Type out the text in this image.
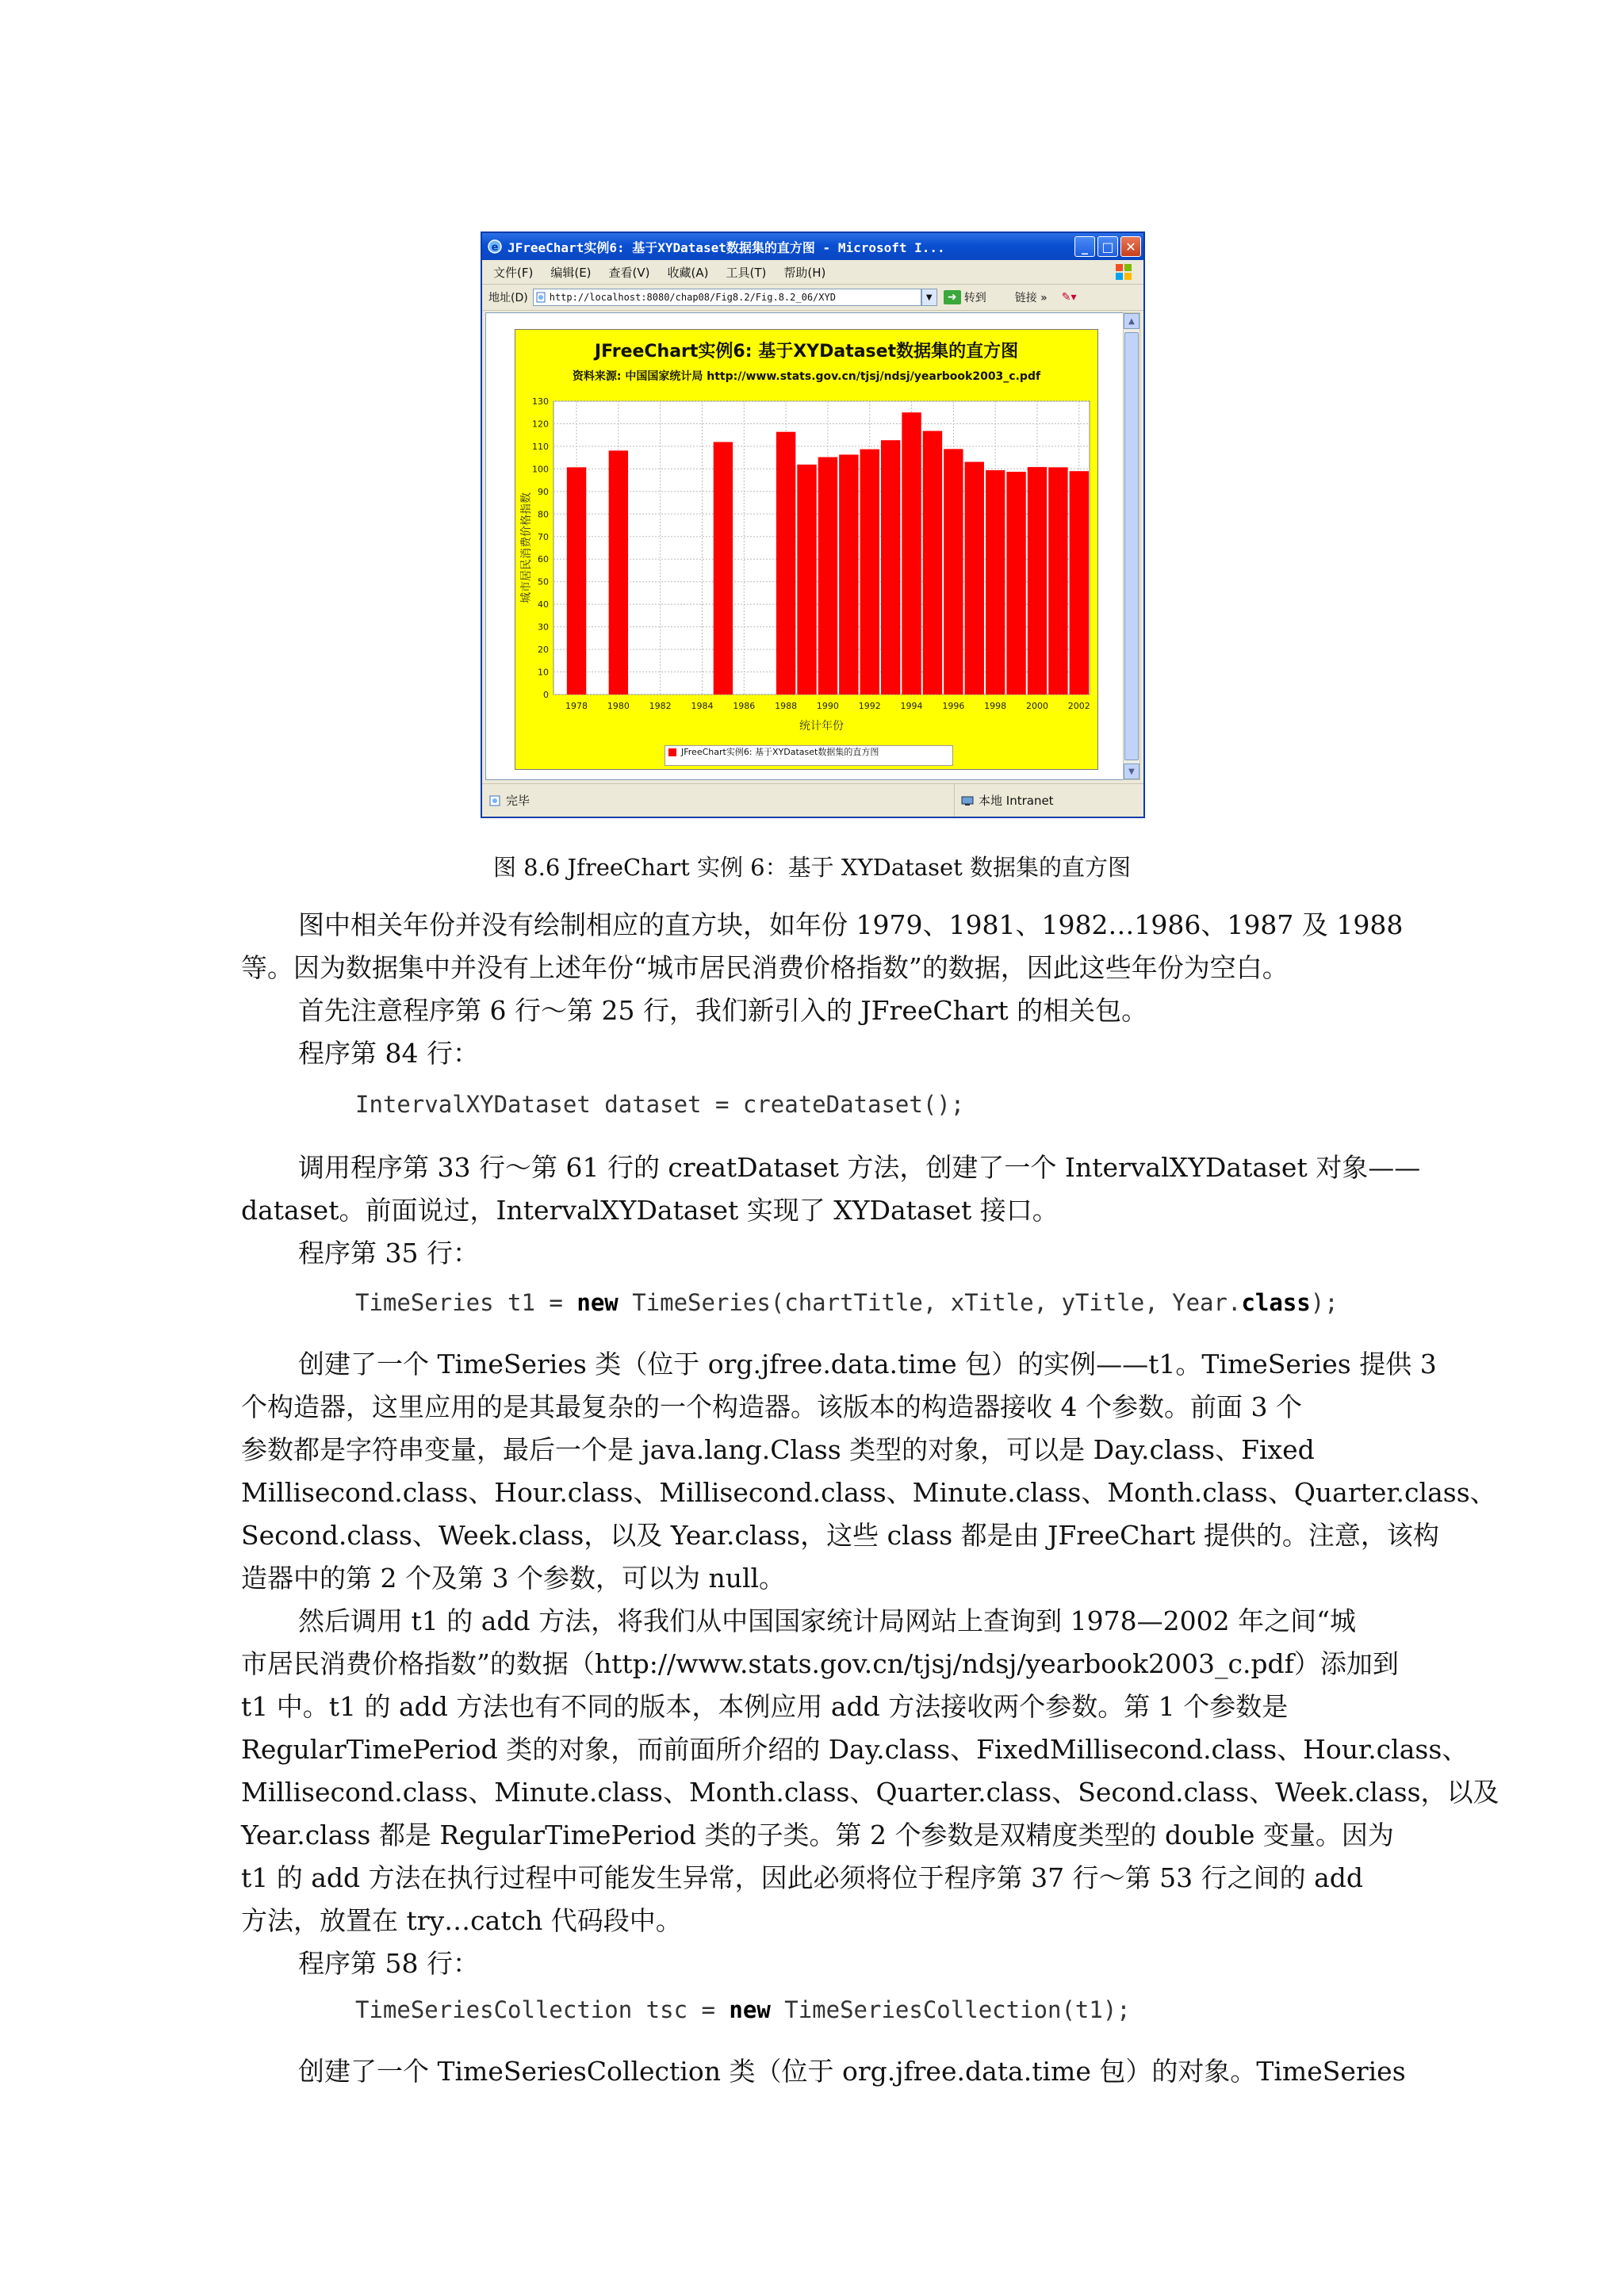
e JFreeChart实例6: 基于XYDataset数据集的直方图 - Microsoft I...	_ □ ✕
文件(F) 编辑(E) 查看(V) 收藏(A) 工具(T) 帮助(H)
地址(D) http://localhost:8080/chap08/Fig8.2/Fig.8.2_06/XYD	▼	➜ 转到	链接 » ✎▾
0
10
20
30
40
50
60
70
80
90
100
110
120
130
1978 1980 1982 1984 1986 1988 1990 1992 1994 1996 1998 2000 2002
统计年份
城市居民消费价格指数
JFreeChart实例6: 基于XYDataset数据集的直方图
资料来源: 中国国家统计局 http://www.stats.gov.cn/tjsj/ndsj/yearbook2003_c.pdf
JFreeChart实例6: 基于XYDataset数据集的直方图
▲
▼
完毕	本地 Intranet
图 8.6 JfreeChart 实例 6：基于 XYDataset 数据集的直方图
图中相关年份并没有绘制相应的直方块，如年份 1979、1981、1982…1986、1987 及 1988
等。因为数据集中并没有上述年份“城市居民消费价格指数”的数据，因此这些年份为空白。
首先注意程序第 6 行～第 25 行，我们新引入的 JFreeChart 的相关包。
程序第 84 行：
IntervalXYDataset dataset = createDataset();
调用程序第 33 行～第 61 行的 creatDataset 方法，创建了一个 IntervalXYDataset 对象——
dataset。前面说过，IntervalXYDataset 实现了 XYDataset 接口。
程序第 35 行：
TimeSeries t1 = new TimeSeries(chartTitle, xTitle, yTitle, Year.class);
创建了一个 TimeSeries 类（位于 org.jfree.data.time 包）的实例——t1。TimeSeries 提供 3
个构造器，这里应用的是其最复杂的一个构造器。该版本的构造器接收 4 个参数。前面 3 个
参数都是字符串变量，最后一个是 java.lang.Class 类型的对象，可以是 Day.class、Fixed
Millisecond.class、Hour.class、Millisecond.class、Minute.class、Month.class、Quarter.class、
Second.class、Week.class，以及 Year.class，这些 class 都是由 JFreeChart 提供的。注意，该构
造器中的第 2 个及第 3 个参数，可以为 null。
然后调用 t1 的 add 方法，将我们从中国国家统计局网站上查询到 1978—2002 年之间“城
市居民消费价格指数”的数据（http://www.stats.gov.cn/tjsj/ndsj/yearbook2003_c.pdf）添加到
t1 中。t1 的 add 方法也有不同的版本，本例应用 add 方法接收两个参数。第 1 个参数是
RegularTimePeriod 类的对象，而前面所介绍的 Day.class、FixedMillisecond.class、Hour.class、
Millisecond.class、Minute.class、Month.class、Quarter.class、Second.class、Week.class，以及
Year.class 都是 RegularTimePeriod 类的子类。第 2 个参数是双精度类型的 double 变量。因为
t1 的 add 方法在执行过程中可能发生异常，因此必须将位于程序第 37 行～第 53 行之间的 add
方法，放置在 try…catch 代码段中。
程序第 58 行：
TimeSeriesCollection tsc = new TimeSeriesCollection(t1);
创建了一个 TimeSeriesCollection 类（位于 org.jfree.data.time 包）的对象。TimeSeries
